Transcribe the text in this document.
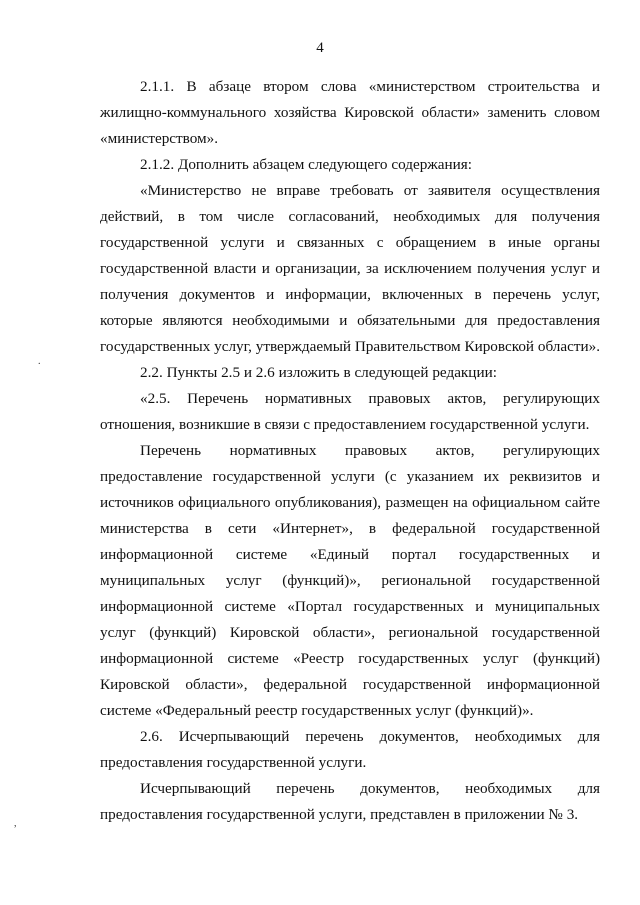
4

2.1.1. В абзаце втором слова «министерством строительства и жилищно-коммунального хозяйства Кировской области» заменить словом «министерством».

2.1.2. Дополнить абзацем следующего содержания:

«Министерство не вправе требовать от заявителя осуществления действий, в том числе согласований, необходимых для получения государственной услуги и связанных с обращением в иные органы государственной власти и организации, за исключением получения услуг и получения документов и информации, включенных в перечень услуг, которые являются необходимыми и обязательными для предоставления государственных услуг, утверждаемый Правительством Кировской области».

2.2. Пункты 2.5 и 2.6 изложить в следующей редакции:

«2.5. Перечень нормативных правовых актов, регулирующих отношения, возникшие в связи с предоставлением государственной услуги.

Перечень нормативных правовых актов, регулирующих предоставление государственной услуги (с указанием их реквизитов и источников официального опубликования), размещен на официальном сайте министерства в сети «Интернет», в федеральной государственной информационной системе «Единый портал государственных и муниципальных услуг (функций)», региональной государственной информационной системе «Портал государственных и муниципальных услуг (функций) Кировской области», региональной государственной информационной системе «Реестр государственных услуг (функций) Кировской области», федеральной государственной информационной системе «Федеральный реестр государственных услуг (функций)».

2.6. Исчерпывающий перечень документов, необходимых для предоставления государственной услуги.

Исчерпывающий перечень документов, необходимых для предоставления государственной услуги, представлен в приложении № 3.

.
,
